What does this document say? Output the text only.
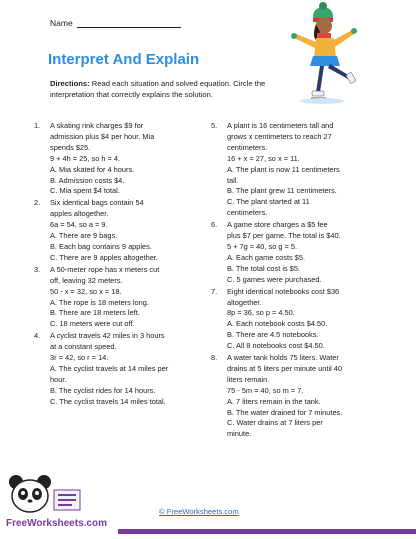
Name
Interpret And Explain
Directions: Read each situation and solved equation. Circle the interpretation that correctly explains the solution.
1.	A skating rink charges $9 for
admission plus $4 per hour. Mia
spends $25.
9 + 4h = 25, so h = 4.
A. Mia skated for 4 hours.
B. Admission costs $4.
C. Mia spent $4 total.
2.	Six identical bags contain 54
apples altogether.
6a = 54, so a = 9.
A. There are 9 bags.
B. Each bag contains 9 apples.
C. There are 9 apples altogether.
3.	A 50-meter rope has x meters cut
off, leaving 32 meters.
50 - x = 32, so x = 18.
A. The rope is 18 meters long.
B. There are 18 meters left.
C. 18 meters were cut off.
4.	A cyclist travels 42 miles in 3 hours
at a constant speed.
3r = 42, so r = 14.
A. The cyclist travels at 14 miles per
hour.
B. The cyclist rides for 14 hours.
C. The cyclist travels 14 miles total.
5.	A plant is 16 centimeters tall and
grows x centimeters to reach 27
centimeters.
16 + x = 27, so x = 11.
A. The plant is now 11 centimeters
tall.
B. The plant grew 11 centimeters.
C. The plant started at 11
centimeters.
6.	A game store charges a $5 fee
plus $7 per game. The total is $40.
5 + 7g = 40, so g = 5.
A. Each game costs $5.
B. The total cost is $5.
C. 5 games were purchased.
7.	Eight identical notebooks cost $36
altogether.
8p = 36, so p = 4.50.
A. Each notebook costs $4.50.
B. There are 4.5 notebooks.
C. All 8 notebooks cost $4.50.
8.	A water tank holds 75 liters. Water
drains at 5 liters per minute until 40
liters remain.
75 - 5m = 40, so m = 7.
A. 7 liters remain in the tank.
B. The water drained for 7 minutes.
C. Water drains at 7 liters per
minute.
FreeWorksheets.com
© FreeWorksheets.com
